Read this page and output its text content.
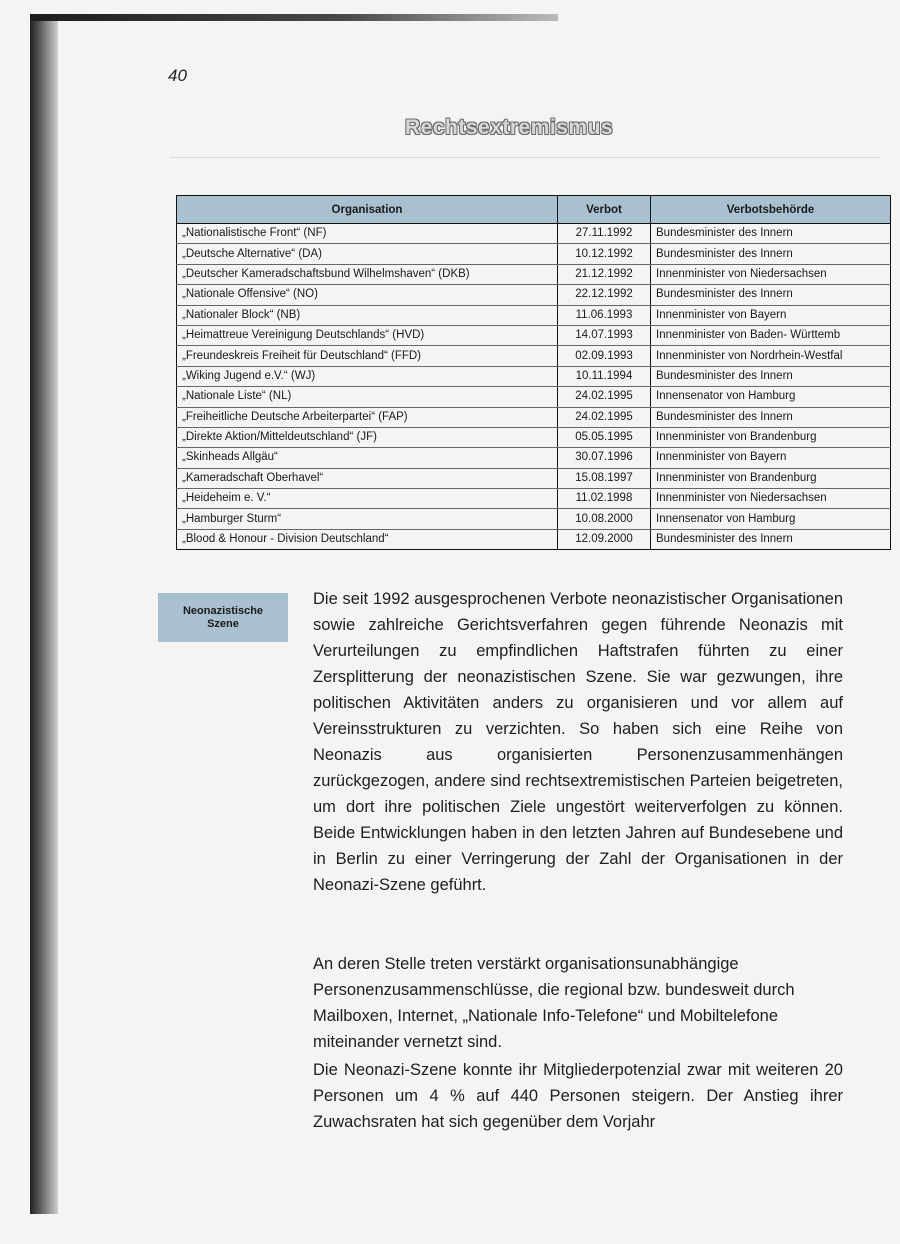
40
Rechtsextremismus
Organisation	Verbot	Verbotsbehörde
„Nationalistische Front“ (NF)	27.11.1992	Bundesminister des Innern
„Deutsche Alternative“ (DA)	10.12.1992	Bundesminister des Innern
„Deutscher Kameradschaftsbund Wilhelmshaven“ (DKB)	21.12.1992	Innenminister von Niedersachsen
„Nationale Offensive“ (NO)	22.12.1992	Bundesminister des Innern
„Nationaler Block“ (NB)	11.06.1993	Innenminister von Bayern
„Heimattreue Vereinigung Deutschlands“ (HVD)	14.07.1993	Innenminister von Baden- Württemb
„Freundeskreis Freiheit für Deutschland“ (FFD)	02.09.1993	Innenminister von Nordrhein-Westfal
„Wiking Jugend e.V.“ (WJ)	10.11.1994	Bundesminister des Innern
„Nationale Liste“ (NL)	24.02.1995	Innensenator von Hamburg
„Freiheitliche Deutsche Arbeiterpartei“ (FAP)	24.02.1995	Bundesminister des Innern
„Direkte Aktion/Mitteldeutschland“ (JF)	05.05.1995	Innenminister von Brandenburg
„Skinheads Allgäu“	30.07.1996	Innenminister von Bayern
„Kameradschaft Oberhavel“	15.08.1997	Innenminister von Brandenburg
„Heideheim e. V.“	11.02.1998	Innenminister von Niedersachsen
„Hamburger Sturm“	10.08.2000	Innensenator von Hamburg
„Blood & Honour - Division Deutschland“	12.09.2000	Bundesminister des Innern
Neonazistische
Szene

Die seit 1992 ausgesprochenen Verbote neonazistischer Organisationen sowie zahlreiche Gerichtsverfahren gegen führende Neonazis mit Verurteilungen zu empfindlichen Haftstrafen führten zu einer Zersplitterung der neonazistischen Szene. Sie war gezwungen, ihre politischen Aktivitäten anders zu organisieren und vor allem auf Vereinsstrukturen zu verzichten. So haben sich eine Reihe von Neonazis aus organisierten Personenzusammenhängen zurückgezogen, andere sind rechtsextremistischen Parteien beigetreten, um dort ihre politischen Ziele ungestört weiterverfolgen zu können. Beide Entwicklungen haben in den letzten Jahren auf Bundesebene und in Berlin zu einer Verringerung der Zahl der Organisationen in der Neonazi-Szene geführt.

An deren Stelle treten verstärkt organisationsunabhängige Personenzusammenschlüsse, die regional bzw. bundesweit durch Mailboxen, Internet, „Nationale Info-Telefone“ und Mobiltelefone miteinander vernetzt sind.

Die Neonazi-Szene konnte ihr Mitgliederpotenzial zwar mit weiteren 20 Personen um 4 % auf 440 Personen steigern. Der Anstieg ihrer Zuwachsraten hat sich gegenüber dem Vorjahr
